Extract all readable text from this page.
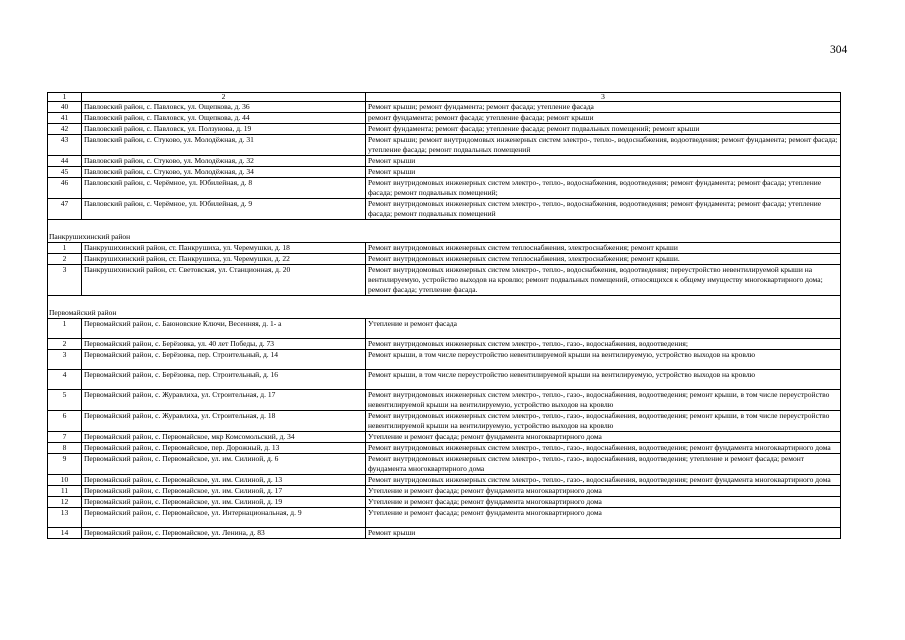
304
1	2	3
40	Павловский район, с. Павловск, ул. Ощепкова, д. 36	Ремонт крыши; ремонт фундамента; ремонт фасада; утепление фасада
41	Павловский район, с. Павловск, ул. Ощепкова, д. 44	ремонт фундамента; ремонт фасада; утепление фасада; ремонт крыши
42	Павловский район, с. Павловск, ул. Ползунова, д. 19	Ремонт фундамента; ремонт фасада; утепление фасада; ремонт подвальных помещений; ремонт крыши
43	Павловский район, с. Стуково, ул. Молодёжная, д. 31	Ремонт крыши; ремонт внутридомовых инженерных систем электро-, тепло-, водоснабжения, водоотведения; ремонт фундамента; ремонт фасада; утепление фасада; ремонт подвальных помещений
44	Павловский район, с. Стуково, ул. Молодёжная, д. 32	Ремонт крыши
45	Павловский район, с. Стуково, ул. Молодёжная, д. 34	Ремонт крыши
46	Павловский район, с. Черёмное, ул. Юбилейная, д. 8	Ремонт внутридомовых инженерных систем электро-, тепло-, водоснабжения, водоотведения; ремонт фундамента; ремонт фасада; утепление фасада; ремонт подвальных помещений;
47	Павловский район, с. Черёмное, ул. Юбилейная, д. 9	Ремонт внутридомовых инженерных систем электро-, тепло-, водоснабжения, водоотведения; ремонт фундамента; ремонт фасада; утепление фасада; ремонт подвальных помещений
Панкрушихинский район		
1	Панкрушихинский район, ст. Панкрушиха, ул. Черемушки, д. 18	Ремонт внутридомовых инженерных систем теплоснабжения, электроснабжения; ремонт крыши
2	Панкрушихинский район, ст. Панкрушиха, ул. Черемушки, д. 22	Ремонт внутридомовых инженерных систем теплоснабжения, электроснабжения; ремонт крыши.
3	Панкрушихинский район, ст. Световская, ул. Станционная, д. 20	Ремонт внутридомовых инженерных систем электро-, тепло-, водоснабжения, водоотведения; переустройство невентилируемой крыши на вентилируемую, устройство выходов на кровлю; ремонт подвальных помещений, относящихся к общему имуществу многоквартирного дома; ремонт фасада; утепление фасада.
Первомайский район		
1	Первомайский район, с. Баюновские Ключи, Весенняя, д. 1- а	Утепление и ремонт фасада
2	Первомайский район, с. Берёзовка, ул. 40 лет Победы, д. 73	Ремонт внутридомовых инженерных систем электро-, тепло-, газо-, водоснабжения, водоотведения;
3	Первомайский район, с. Берёзовка, пер. Строительный, д. 14	Ремонт крыши, в том числе переустройство невентилируемой крыши на вентилируемую, устройство выходов на кровлю
4	Первомайский район, с. Берёзовка, пер. Строительный, д. 16	Ремонт крыши, в том числе переустройство невентилируемой крыши на вентилируемую, устройство выходов на кровлю
5	Первомайский район, с. Журавлиха, ул. Строительная, д. 17	Ремонт внутридомовых инженерных систем электро-, тепло-, газо-, водоснабжения, водоотведения; ремонт крыши, в том числе переустройство невентилируемой крыши на вентилируемую, устройство выходов на кровлю
6	Первомайский район, с. Журавлиха, ул. Строительная, д. 18	Ремонт внутридомовых инженерных систем электро-, тепло-, газо-, водоснабжения, водоотведения; ремонт крыши, в том числе переустройство невентилируемой крыши на вентилируемую, устройство выходов на кровлю
7	Первомайский район, с. Первомайское, мкр Комсомольский, д. 34	Утепление и ремонт фасада; ремонт фундамента многоквартирного дома
8	Первомайский район, с. Первомайское, пер. Дорожный, д. 13	Ремонт внутридомовых инженерных систем электро-, тепло-, газо-, водоснабжения, водоотведения; ремонт фундамента многоквартирного дома
9	Первомайский район, с. Первомайское, ул. им. Силиной, д. 6	Ремонт внутридомовых инженерных систем электро-, тепло-, газо-, водоснабжения, водоотведения; утепление и ремонт фасада; ремонт фундамента многоквартирного дома
10	Первомайский район, с. Первомайское, ул. им. Силиной, д. 13	Ремонт внутридомовых инженерных систем электро-, тепло-, газо-, водоснабжения, водоотведения; ремонт фундамента многоквартирного дома
11	Первомайский район, с. Первомайское, ул. им. Силиной, д. 17	Утепление и ремонт фасада; ремонт фундамента многоквартирного дома
12	Первомайский район, с. Первомайское, ул. им. Силиной, д. 19	Утепление и ремонт фасада; ремонт фундамента многоквартирного дома
13	Первомайский район, с. Первомайское, ул. Интернациональная, д. 9	Утепление и ремонт фасада; ремонт фундамента многоквартирного дома
14	Первомайский район, с. Первомайское, ул. Ленина, д. 83	Ремонт крыши
